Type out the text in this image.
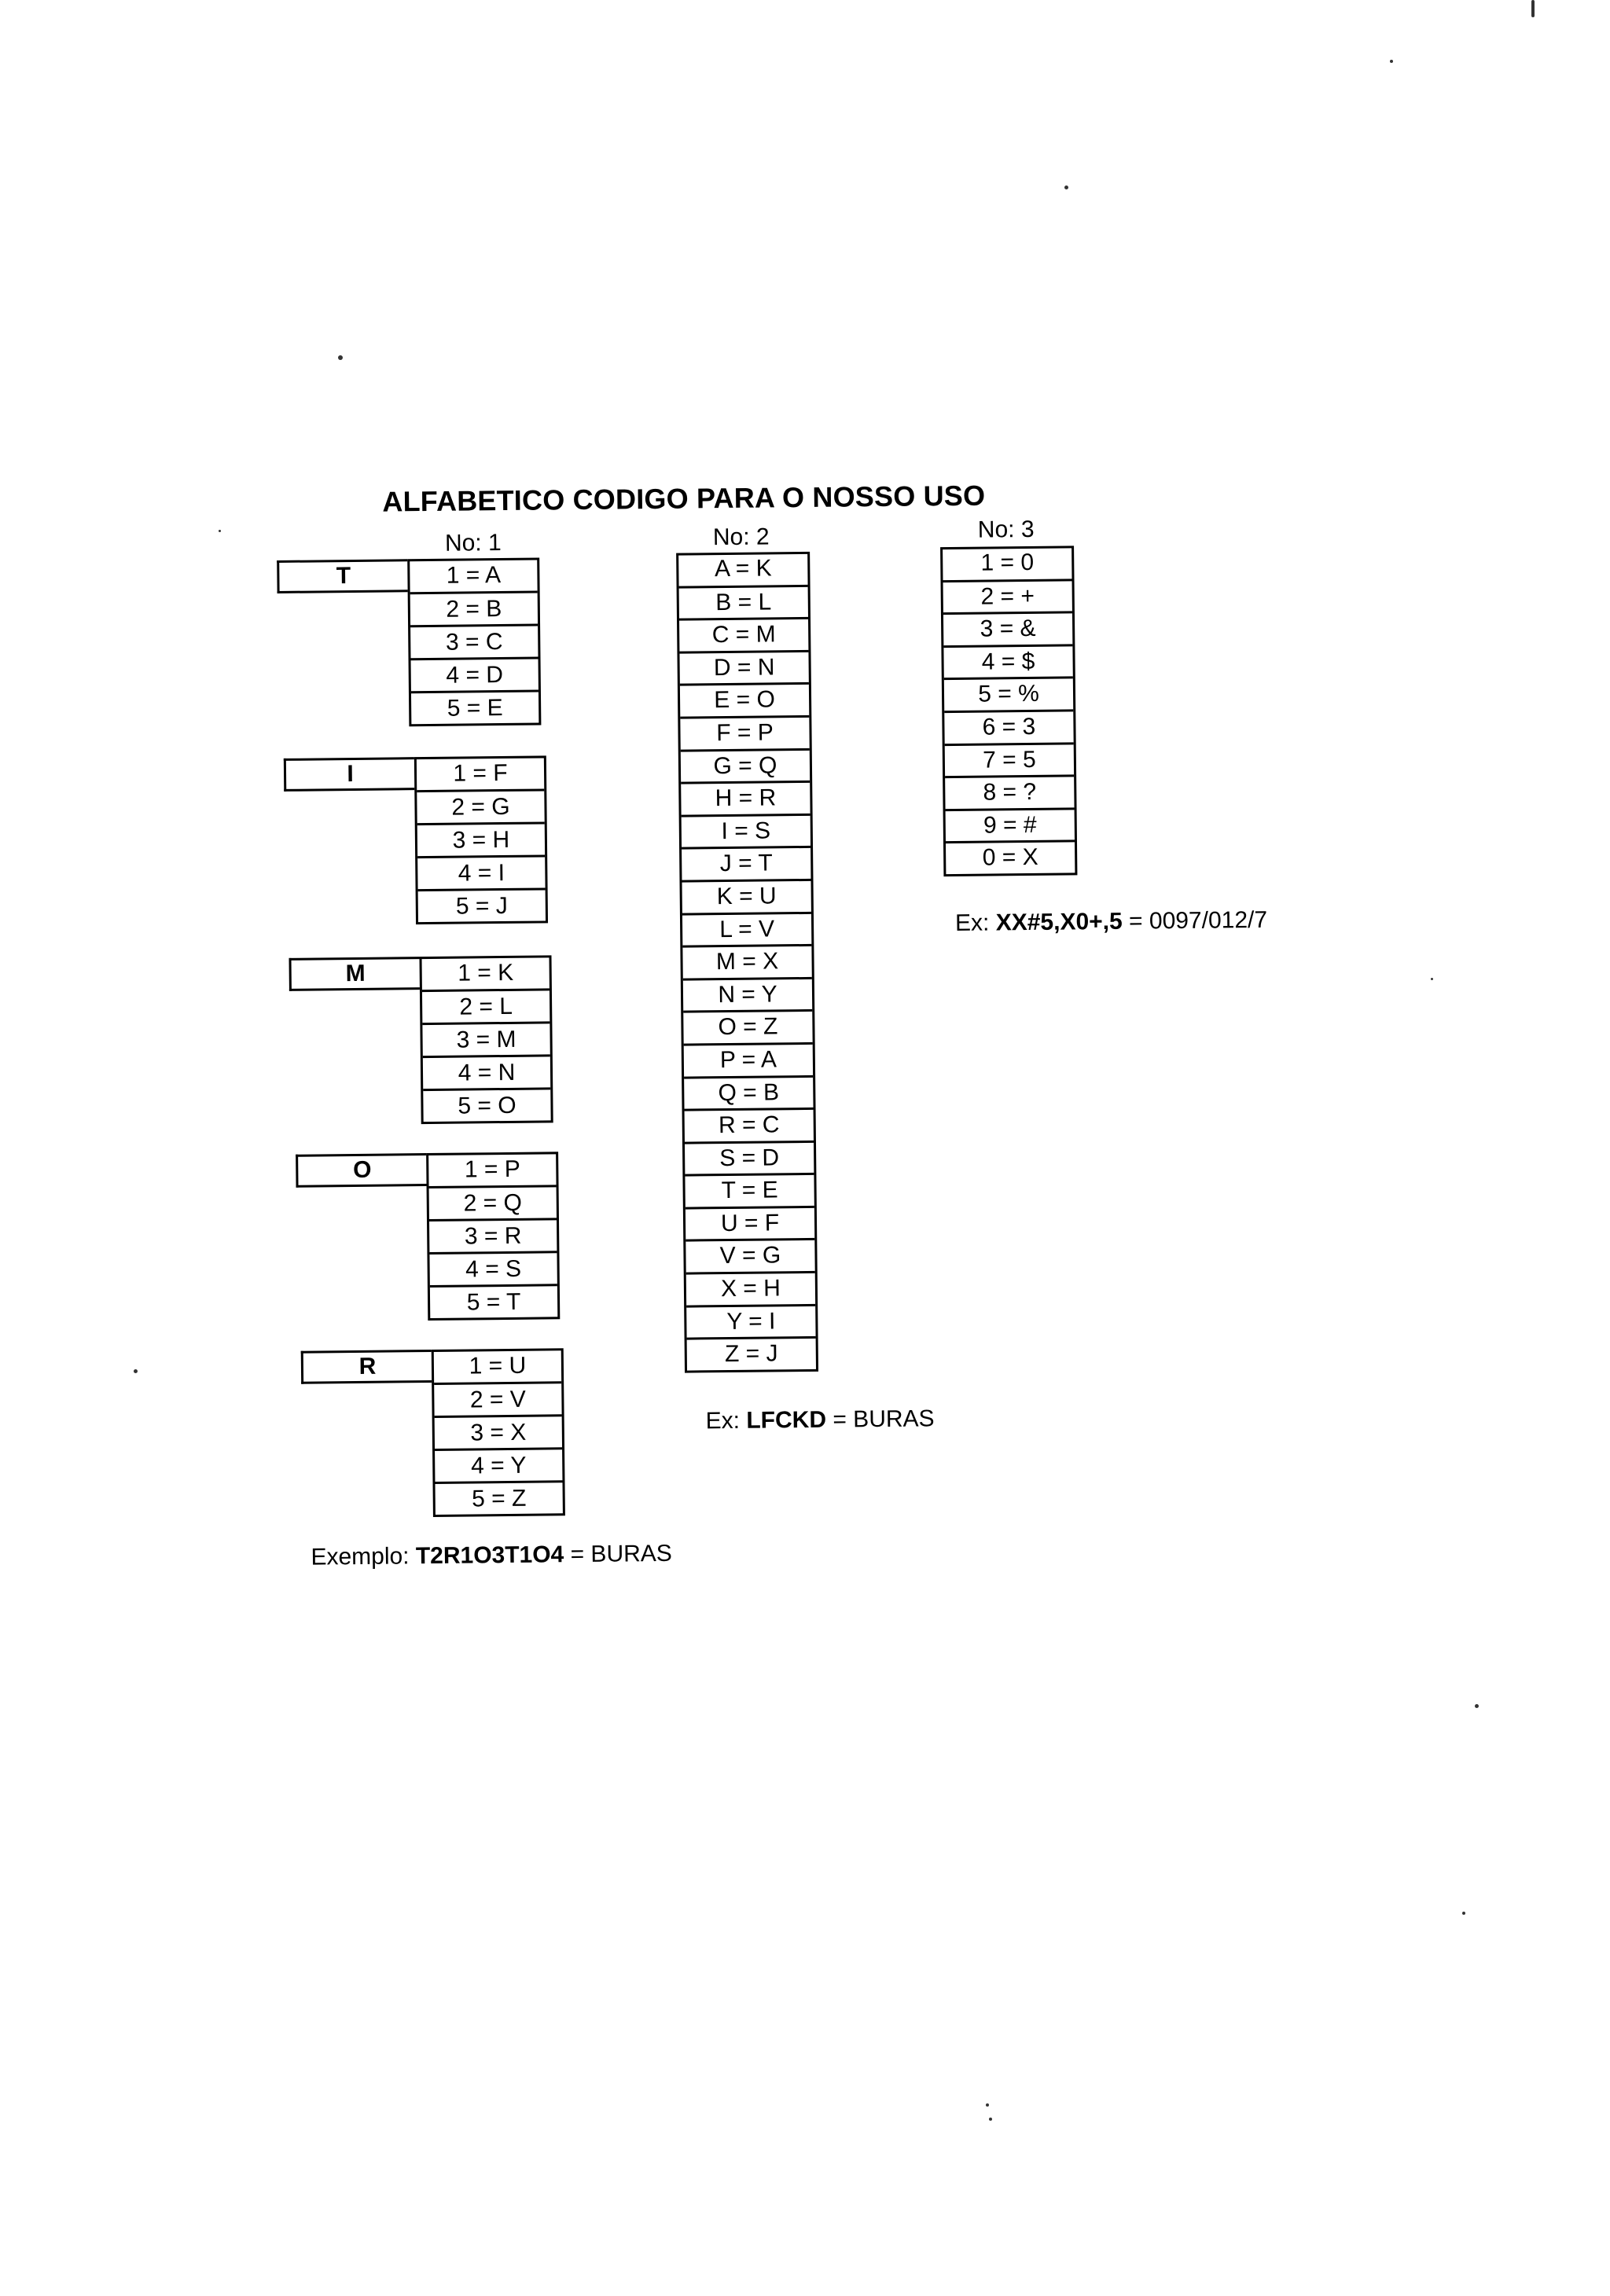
ALFABETICO CODIGO PARA O NOSSO USO
No: 1
T	1 = A
2 = B
3 = C
4 = D
5 = E
I	1 = F
2 = G
3 = H
4 = I
5 = J
M	1 = K
2 = L
3 = M
4 = N
5 = O
O	1 = P
2 = Q
3 = R
4 = S
5 = T
R	1 = U
2 = V
3 = X
4 = Y
5 = Z
Exemplo: T2R1O3T1O4 = BURAS
No: 2
A = K
B = L
C = M
D = N
E = O
F = P
G = Q
H = R
I = S
J = T
K = U
L = V
M = X
N = Y
O = Z
P = A
Q = B
R = C
S = D
T = E
U = F
V = G
X = H
Y = I
Z = J
Ex: LFCKD = BURAS
No: 3
1 = 0
2 = +
3 = &
4 = $
5 = %
6 = 3
7 = 5
8 = ?
9 = #
0 = X
Ex: XX#5,X0+,5 = 0097/012/7
